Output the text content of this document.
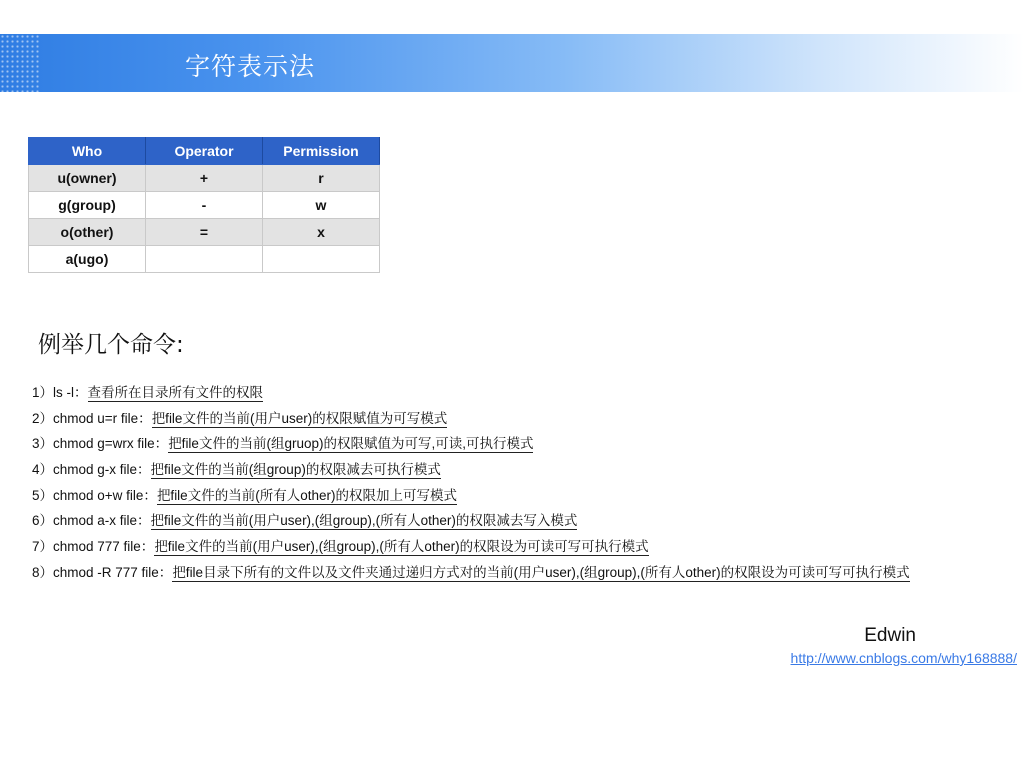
字符表示法
Who	Operator	Permission
u(owner)	+	r
g(group)	-	w
o(other)	=	x
a(ugo)		
例举几个命令:
1）ls -l：查看所在目录所有文件的权限
2）chmod u=r file：把file文件的当前(用户user)的权限赋值为可写模式
3）chmod g=wrx file：把file文件的当前(组gruop)的权限赋值为可写,可读,可执行模式
4）chmod g-x file：把file文件的当前(组group)的权限减去可执行模式
5）chmod o+w file：把file文件的当前(所有人other)的权限加上可写模式
6）chmod a-x file：把file文件的当前(用户user),(组group),(所有人other)的权限减去写入模式
7）chmod 777 file：把file文件的当前(用户user),(组group),(所有人other)的权限设为可读可写可执行模式
8）chmod -R 777 file：把file目录下所有的文件以及文件夹通过递归方式对的当前(用户user),(组group),(所有人other)的权限设为可读可写可执行模式
Edwin
http://www.cnblogs.com/why168888/
